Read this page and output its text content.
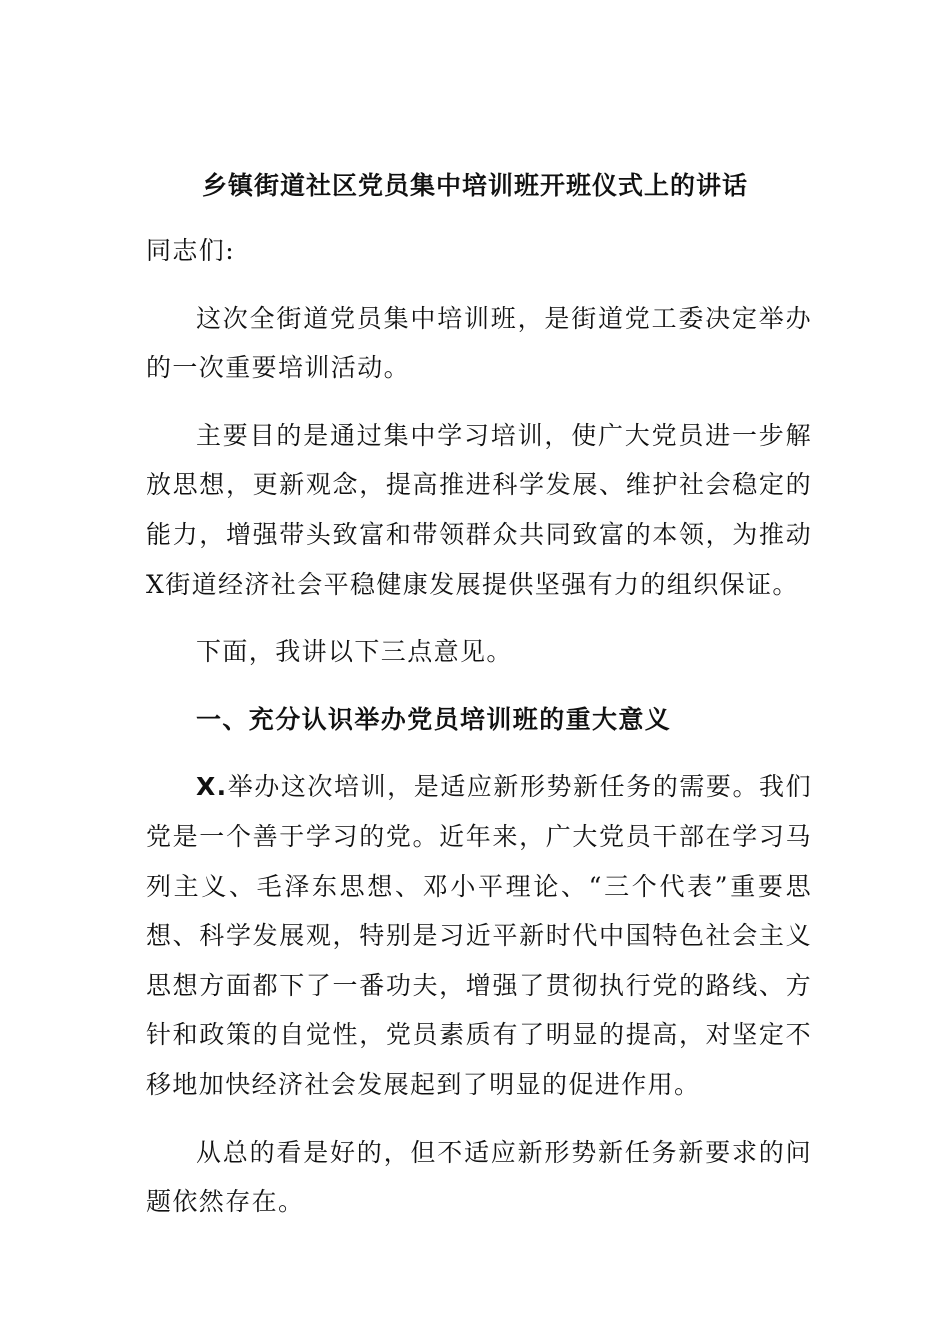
乡镇街道社区党员集中培训班开班仪式上的讲话

同志们:

这次全街道党员集中培训班，是街道党工委决定举办的一次重要培训活动。

主要目的是通过集中学习培训，使广大党员进一步解放思想，更新观念，提高推进科学发展、维护社会稳定的能力，增强带头致富和带领群众共同致富的本领，为推动X街道经济社会平稳健康发展提供坚强有力的组织保证。

下面，我讲以下三点意见。

一、充分认识举办党员培训班的重大意义

X.举办这次培训，是适应新形势新任务的需要。我们党是一个善于学习的党。近年来，广大党员干部在学习马列主义、毛泽东思想、邓小平理论、“三个代表”重要思想、科学发展观，特别是习近平新时代中国特色社会主义思想方面都下了一番功夫，增强了贯彻执行党的路线、方针和政策的自觉性，党员素质有了明显的提高，对坚定不移地加快经济社会发展起到了明显的促进作用。

从总的看是好的，但不适应新形势新任务新要求的问题依然存在。
